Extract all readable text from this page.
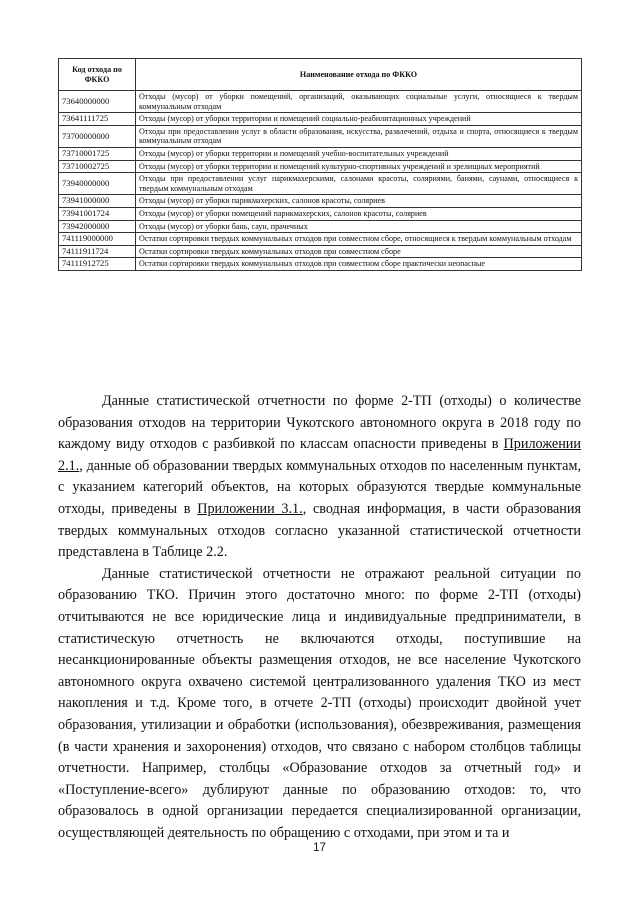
Код отхода по ФККО	Наименование отхода по ФККО
73640000000	Отходы (мусор) от уборки помещений, организаций, оказывающих социальные услуги, относящиеся к твердым коммунальным отходам
73641111725	Отходы (мусор) от уборки территории и помещений социально-реабилитационных учреждений
73700000000	Отходы при предоставлении услуг в области образования, искусства, развлечений, отдыха и спорта, относящиеся к твердым коммунальным отходам
73710001725	Отходы (мусор) от уборки территории и помещений учебно-воспитательных учреждений
73710002725	Отходы (мусор) от уборки территории и помещений культурно-спортивных учреждений и зрелищных мероприятий
73940000000	Отходы при предоставлении услуг парикмахерскими, салонами красоты, соляриями, банями, саунами, относящиеся к твердым коммунальным отходам
73941000000	Отходы (мусор) от уборки парикмахерских, салонов красоты, соляриев
73941001724	Отходы (мусор) от уборки помещений парикмахерских, салонов красоты, соляриев
73942000000	Отходы (мусор) от уборки бань, саун, прачечных
741119000000	Остатки сортировки твердых коммунальных отходов при совместном сборе, относящиеся к твердым коммунальным отходам
74111911724	Остатки сортировки твердых коммунальных отходов при совместном сборе
74111912725	Остатки сортировки твердых коммунальных отходов при совместном сборе практически неопасные

Данные статистической отчетности по форме 2-ТП (отходы) о количестве образования отходов на территории Чукотского автономного округа в 2018 году по каждому виду отходов с разбивкой по классам опасности приведены в Приложении 2.1., данные об образовании твердых коммунальных отходов по населенным пунктам, с указанием категорий объектов, на которых образуются твердые коммунальные отходы, приведены в Приложении 3.1., сводная информация, в части образования твердых коммунальных отходов согласно указанной статистической отчетности представлена в Таблице 2.2.

Данные статистической отчетности не отражают реальной ситуации по образованию ТКО. Причин этого достаточно много: по форме 2-ТП (отходы) отчитываются не все юридические лица и индивидуальные предприниматели, в статистическую отчетность не включаются отходы, поступившие на несанкционированные объекты размещения отходов, не все население Чукотского автономного округа охвачено системой централизованного удаления ТКО из мест накопления и т.д. Кроме того, в отчете 2-ТП (отходы) происходит двойной учет образования, утилизации и обработки (использования), обезвреживания, размещения (в части хранения и захоронения) отходов, что связано с набором столбцов таблицы отчетности. Например, столбцы «Образование отходов за отчетный год» и «Поступление-всего» дублируют данные по образованию отходов: то, что образовалось в одной организации передается специализированной организации, осуществляющей деятельность по обращению с отходами, при этом и та и

17
